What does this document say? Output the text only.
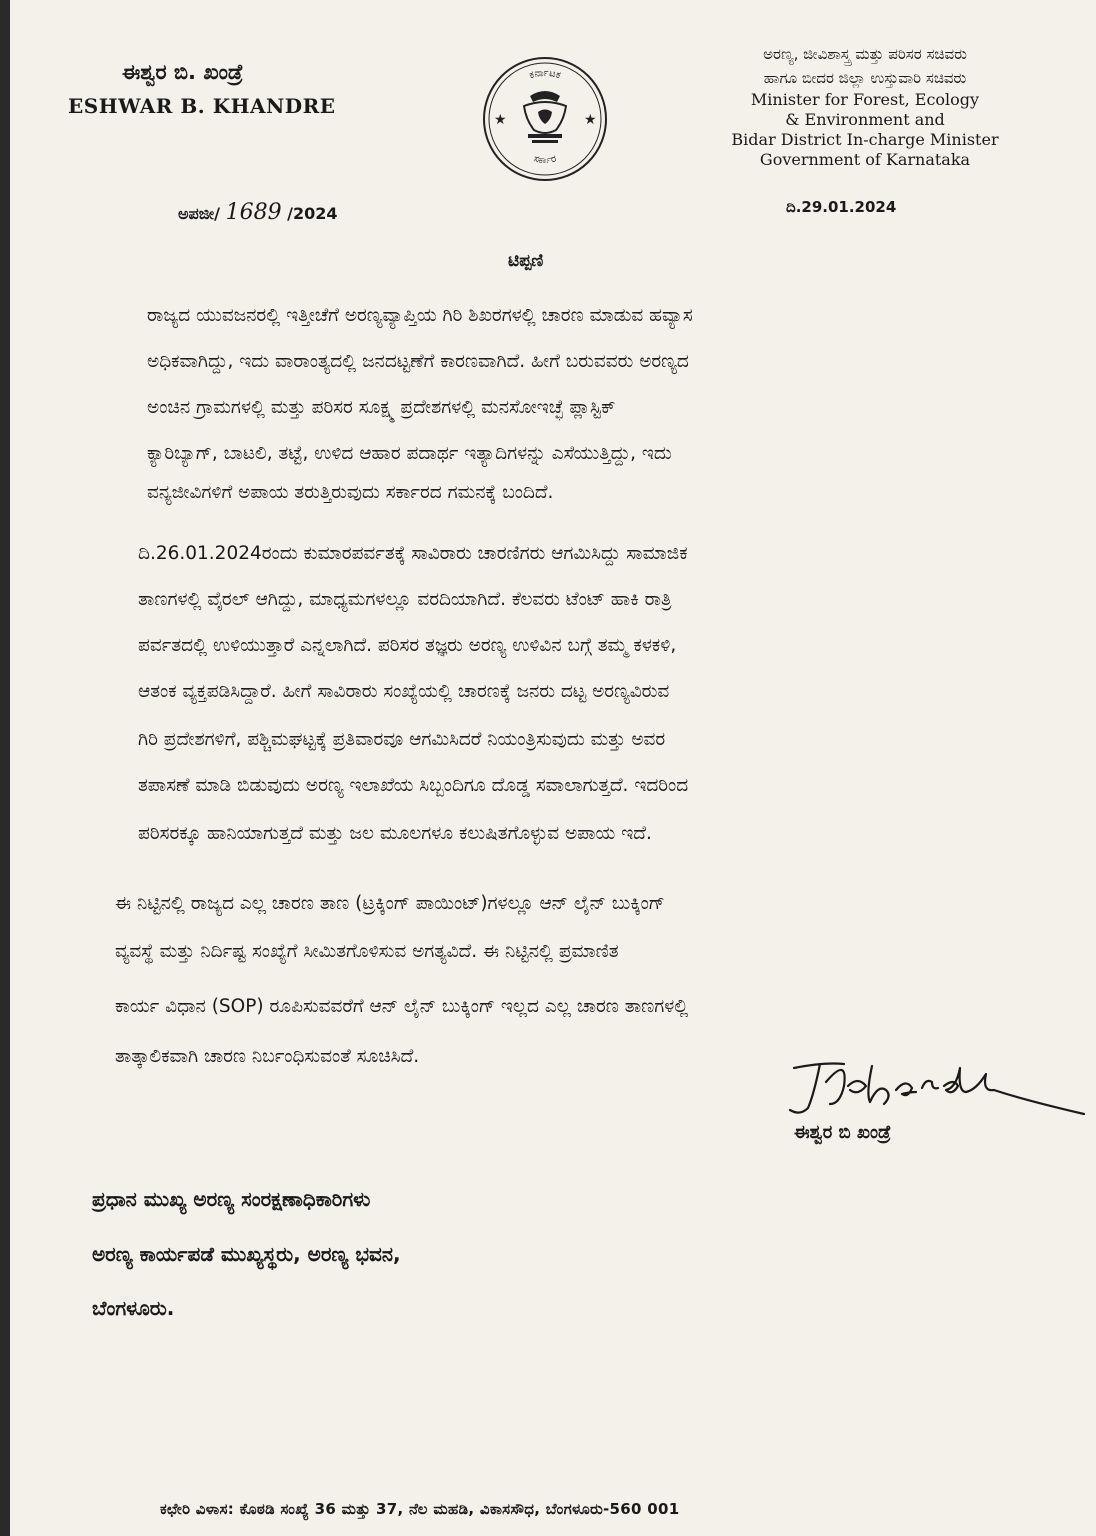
ಈಶ್ವರ ಬಿ. ಖಂಡ್ರೆ
ESHWAR B. KHANDRE
ಕರ್ನಾಟಕ
ಸರ್ಕಾರ
★	★
ಅರಣ್ಯ, ಜೀವಿಶಾಸ್ತ್ರ ಮತ್ತು ಪರಿಸರ ಸಚಿವರು
ಹಾಗೂ ಬೀದರ ಜಿಲ್ಲಾ ಉಸ್ತುವಾರಿ ಸಚಿವರು
Minister for Forest, Ecology
& Environment and
Bidar District In-charge Minister
Government of Karnataka
ಅಪಜೀ/ 1689 /2024	ದಿ.29.01.2024
ಟಿಪ್ಪಣಿ
ರಾಜ್ಯದ ಯುವಜನರಲ್ಲಿ ಇತ್ತೀಚೆಗೆ ಅರಣ್ಯವ್ಯಾಪ್ತಿಯ ಗಿರಿ ಶಿಖರಗಳಲ್ಲಿ ಚಾರಣ ಮಾಡುವ ಹವ್ಯಾಸ
ಅಧಿಕವಾಗಿದ್ದು, ಇದು ವಾರಾಂತ್ಯದಲ್ಲಿ ಜನದಟ್ಟಣೆಗೆ ಕಾರಣವಾಗಿದೆ. ಹೀಗೆ ಬರುವವರು ಅರಣ್ಯದ
ಅಂಚಿನ ಗ್ರಾಮಗಳಲ್ಲಿ ಮತ್ತು ಪರಿಸರ ಸೂಕ್ಷ್ಮ ಪ್ರದೇಶಗಳಲ್ಲಿ ಮನಸೋಇಚ್ಛೆ ಪ್ಲಾಸ್ಟಿಕ್
ಕ್ಯಾರಿಬ್ಯಾಗ್, ಬಾಟಲಿ, ತಟ್ಟೆ, ಉಳಿದ ಆಹಾರ ಪದಾರ್ಥ ಇತ್ಯಾದಿಗಳನ್ನು ಎಸೆಯುತ್ತಿದ್ದು, ಇದು
ವನ್ಯಜೀವಿಗಳಿಗೆ ಅಪಾಯ ತರುತ್ತಿರುವುದು ಸರ್ಕಾರದ ಗಮನಕ್ಕೆ ಬಂದಿದೆ.
ದಿ.26.01.2024ರಂದು ಕುಮಾರಪರ್ವತಕ್ಕೆ ಸಾವಿರಾರು ಚಾರಣಿಗರು ಆಗಮಿಸಿದ್ದು ಸಾಮಾಜಿಕ
ತಾಣಗಳಲ್ಲಿ ವೈರಲ್ ಆಗಿದ್ದು, ಮಾಧ್ಯಮಗಳಲ್ಲೂ ವರದಿಯಾಗಿದೆ. ಕೆಲವರು ಟೆಂಟ್ ಹಾಕಿ ರಾತ್ರಿ
ಪರ್ವತದಲ್ಲಿ ಉಳಿಯುತ್ತಾರೆ ಎನ್ನಲಾಗಿದೆ. ಪರಿಸರ ತಜ್ಞರು ಅರಣ್ಯ ಉಳಿವಿನ ಬಗ್ಗೆ ತಮ್ಮ ಕಳಕಳಿ,
ಆತಂಕ ವ್ಯಕ್ತಪಡಿಸಿದ್ದಾರೆ. ಹೀಗೆ ಸಾವಿರಾರು ಸಂಖ್ಯೆಯಲ್ಲಿ ಚಾರಣಕ್ಕೆ ಜನರು ದಟ್ಟ ಅರಣ್ಯವಿರುವ
ಗಿರಿ ಪ್ರದೇಶಗಳಿಗೆ, ಪಶ್ಚಿಮಘಟ್ಟಕ್ಕೆ ಪ್ರತಿವಾರವೂ ಆಗಮಿಸಿದರೆ ನಿಯಂತ್ರಿಸುವುದು ಮತ್ತು ಅವರ
ತಪಾಸಣೆ ಮಾಡಿ ಬಿಡುವುದು ಅರಣ್ಯ ಇಲಾಖೆಯ ಸಿಬ್ಬಂದಿಗೂ ದೊಡ್ಡ ಸವಾಲಾಗುತ್ತದೆ. ಇದರಿಂದ
ಪರಿಸರಕ್ಕೂ ಹಾನಿಯಾಗುತ್ತದೆ ಮತ್ತು ಜಲ ಮೂಲಗಳೂ ಕಲುಷಿತಗೊಳ್ಳುವ ಅಪಾಯ ಇದೆ.
ಈ ನಿಟ್ಟಿನಲ್ಲಿ ರಾಜ್ಯದ ಎಲ್ಲ ಚಾರಣ ತಾಣ (ಟ್ರಕ್ಕಿಂಗ್ ಪಾಯಿಂಟ್)ಗಳಲ್ಲೂ ಆನ್ ಲೈನ್ ಬುಕ್ಕಿಂಗ್
ವ್ಯವಸ್ಥೆ ಮತ್ತು ನಿರ್ದಿಷ್ಟ ಸಂಖ್ಯೆಗೆ ಸೀಮಿತಗೊಳಿಸುವ ಅಗತ್ಯವಿದೆ. ಈ ನಿಟ್ಟಿನಲ್ಲಿ ಪ್ರಮಾಣಿತ
ಕಾರ್ಯ ವಿಧಾನ (SOP) ರೂಪಿಸುವವರೆಗೆ ಆನ್ ಲೈನ್ ಬುಕ್ಕಿಂಗ್ ಇಲ್ಲದ ಎಲ್ಲ ಚಾರಣ ತಾಣಗಳಲ್ಲಿ
ತಾತ್ಕಾಲಿಕವಾಗಿ ಚಾರಣ ನಿರ್ಬಂಧಿಸುವಂತೆ ಸೂಚಿಸಿದೆ.
ಈಶ್ವರ ಬಿ ಖಂಡ್ರೆ
ಪ್ರಧಾನ ಮುಖ್ಯ ಅರಣ್ಯ ಸಂರಕ್ಷಣಾಧಿಕಾರಿಗಳು
ಅರಣ್ಯ ಕಾರ್ಯಪಡೆ ಮುಖ್ಯಸ್ಥರು, ಅರಣ್ಯ ಭವನ,
ಬೆಂಗಳೂರು.
ಕಛೇರಿ ವಿಳಾಸ: ಕೊಠಡಿ ಸಂಖ್ಯೆ 36 ಮತ್ತು 37, ನೆಲ ಮಹಡಿ, ವಿಕಾಸಸೌಧ, ಬೆಂಗಳೂರು-560 001
